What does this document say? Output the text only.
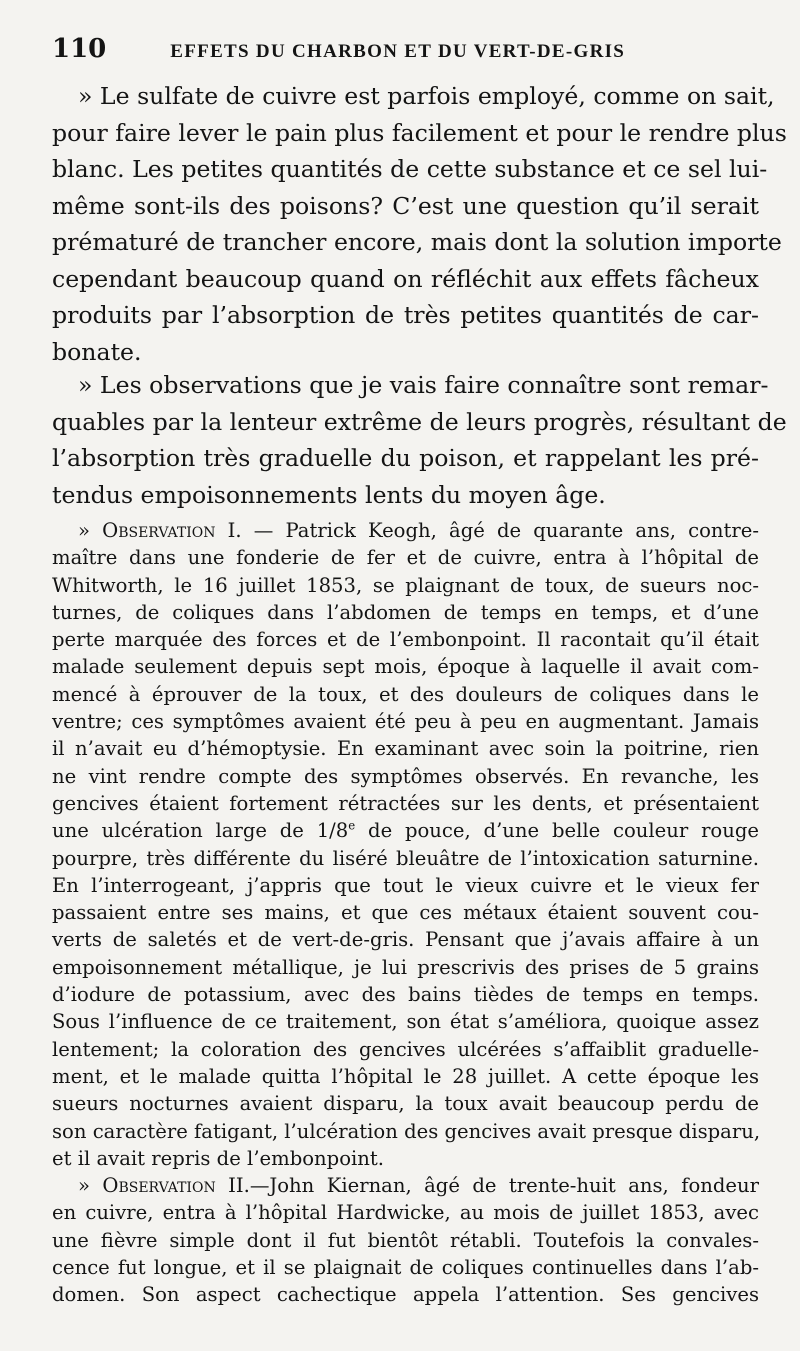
110	EFFETS DU CHARBON ET DU VERT-DE-GRIS
» Le sulfate de cuivre est parfois employé, comme on sait,
pour faire lever le pain plus facilement et pour le rendre plus
blanc. Les petites quantités de cette substance et ce sel lui-
même sont-ils des poisons? C’est une question qu’il serait
prématuré de trancher encore, mais dont la solution importe
cependant beaucoup quand on réfléchit aux effets fâcheux
produits par l’absorption de très petites quantités de car-
bonate.
» Les observations que je vais faire connaître sont remar-
quables par la lenteur extrême de leurs progrès, résultant de
l’absorption très graduelle du poison, et rappelant les pré-
tendus empoisonnements lents du moyen âge.
» Observation I. — Patrick Keogh, âgé de quarante ans, contre-
maître dans une fonderie de fer et de cuivre, entra à l’hôpital de
Whitworth, le 16 juillet 1853, se plaignant de toux, de sueurs noc-
turnes, de coliques dans l’abdomen de temps en temps, et d’une
perte marquée des forces et de l’embonpoint. Il racontait qu’il était
malade seulement depuis sept mois, époque à laquelle il avait com-
mencé à éprouver de la toux, et des douleurs de coliques dans le
ventre; ces symptômes avaient été peu à peu en augmentant. Jamais
il n’avait eu d’hémoptysie. En examinant avec soin la poitrine, rien
ne vint rendre compte des symptômes observés. En revanche, les
gencives étaient fortement rétractées sur les dents, et présentaient
une ulcération large de 1/8e de pouce, d’une belle couleur rouge
pourpre, très différente du liséré bleuâtre de l’intoxication saturnine.
En l’interrogeant, j’appris que tout le vieux cuivre et le vieux fer
passaient entre ses mains, et que ces métaux étaient souvent cou-
verts de saletés et de vert-de-gris. Pensant que j’avais affaire à un
empoisonnement métallique, je lui prescrivis des prises de 5 grains
d’iodure de potassium, avec des bains tièdes de temps en temps.
Sous l’influence de ce traitement, son état s’améliora, quoique assez
lentement; la coloration des gencives ulcérées s’affaiblit graduelle-
ment, et le malade quitta l’hôpital le 28 juillet. A cette époque les
sueurs nocturnes avaient disparu, la toux avait beaucoup perdu de
son caractère fatigant, l’ulcération des gencives avait presque disparu,
et il avait repris de l’embonpoint.
» Observation II.—John Kiernan, âgé de trente-huit ans, fondeur
en cuivre, entra à l’hôpital Hardwicke, au mois de juillet 1853, avec
une fièvre simple dont il fut bientôt rétabli. Toutefois la convales-
cence fut longue, et il se plaignait de coliques continuelles dans l’ab-
domen. Son aspect cachectique appela l’attention. Ses gencives
